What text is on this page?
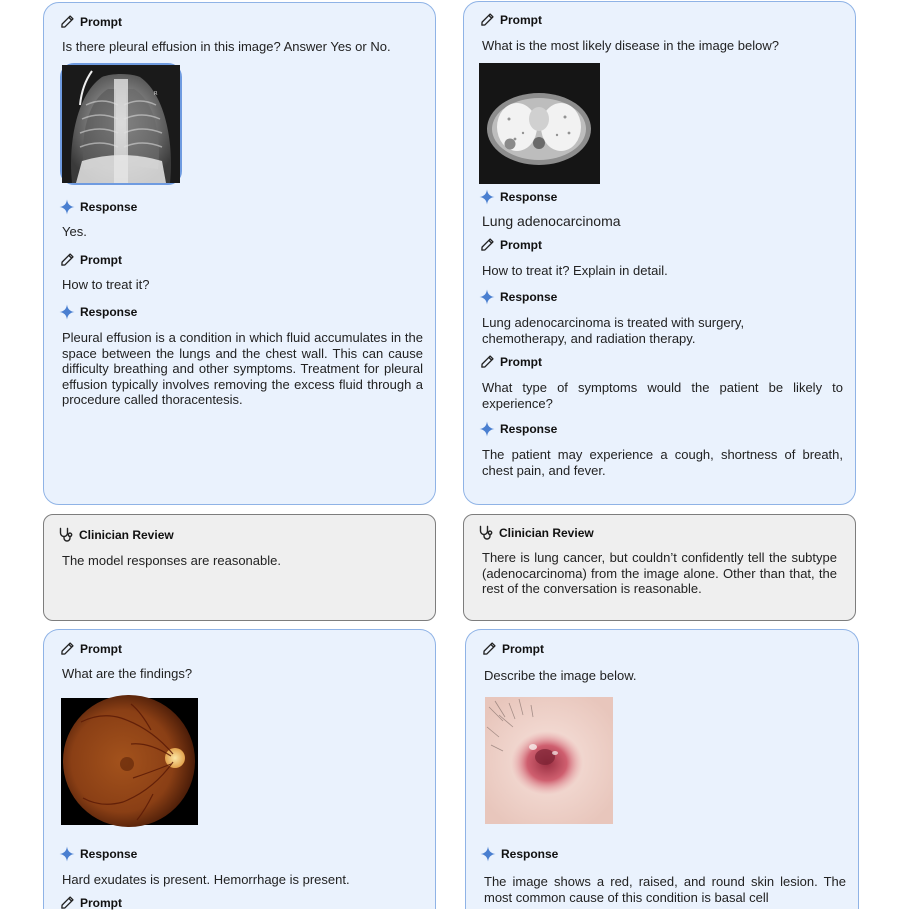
Prompt
Is there pleural effusion in this image? Answer Yes or No.
R
Response
Yes.
Prompt
How to treat it?
Response
Pleural effusion is a condition in which fluid accumulates in the space between the lungs and the chest wall. This can cause difficulty breathing and other symptoms. Treatment for pleural effusion typically involves removing the excess fluid through a procedure called thoracentesis.
Prompt
What is the most likely disease in the image below?
Response
Lung adenocarcinoma
Prompt
How to treat it? Explain in detail.
Response
Lung adenocarcinoma is treated with surgery, chemotherapy, and radiation therapy.
Prompt
What type of symptoms would the patient be likely to experience?
Response
The patient may experience a cough, shortness of breath, chest pain, and fever.
Clinician Review
The model responses are reasonable.
Clinician Review
There is lung cancer, but couldn’t confidently tell the subtype (adenocarcinoma) from the image alone. Other than that, the rest of the conversation is reasonable.
Prompt
What are the findings?
Response
Hard exudates is present. Hemorrhage is present.
Prompt
Prompt
Describe the image below.
Response
The image shows a red, raised, and round skin lesion. The most common cause of this condition is basal cell
